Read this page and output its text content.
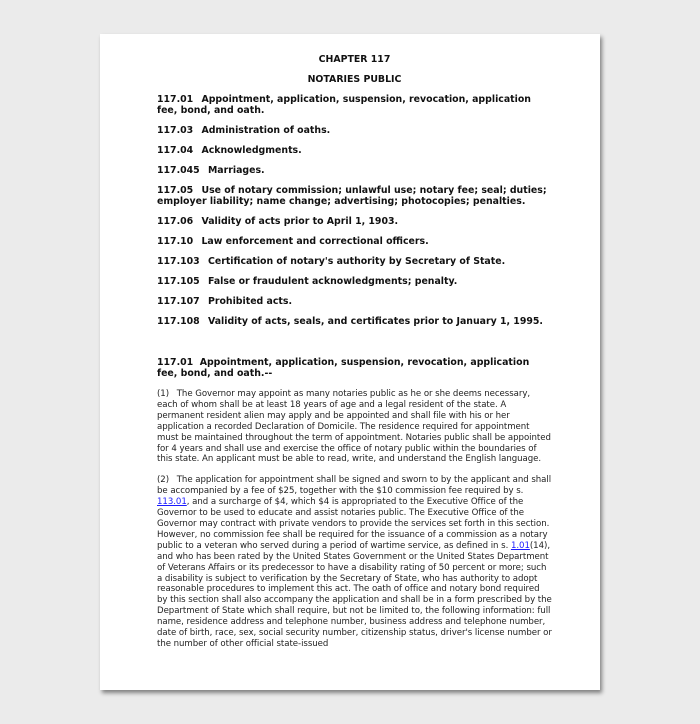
CHAPTER 117
NOTARIES PUBLIC
117.01 Appointment, application, suspension, revocation, application fee, bond, and oath.
117.03 Administration of oaths.
117.04 Acknowledgments.
117.045 Marriages.
117.05 Use of notary commission; unlawful use; notary fee; seal; duties; employer liability; name change; advertising; photocopies; penalties.
117.06 Validity of acts prior to April 1, 1903.
117.10 Law enforcement and correctional officers.
117.103 Certification of notary's authority by Secretary of State.
117.105 False or fraudulent acknowledgments; penalty.
117.107 Prohibited acts.
117.108 Validity of acts, seals, and certificates prior to January 1, 1995.
117.01 Appointment, application, suspension, revocation, application fee, bond, and oath.--

(1) The Governor may appoint as many notaries public as he or she deems necessary, each of whom shall be at least 18 years of age and a legal resident of the state. A permanent resident alien may apply and be appointed and shall file with his or her application a recorded Declaration of Domicile. The residence required for appointment must be maintained throughout the term of appointment. Notaries public shall be appointed for 4 years and shall use and exercise the office of notary public within the boundaries of this state. An applicant must be able to read, write, and understand the English language.

(2) The application for appointment shall be signed and sworn to by the applicant and shall be accompanied by a fee of $25, together with the $10 commission fee required by s. 113.01, and a surcharge of $4, which $4 is appropriated to the Executive Office of the Governor to be used to educate and assist notaries public. The Executive Office of the Governor may contract with private vendors to provide the services set forth in this section. However, no commission fee shall be required for the issuance of a commission as a notary public to a veteran who served during a period of wartime service, as defined in s. 1.01(14), and who has been rated by the United States Government or the United States Department of Veterans Affairs or its predecessor to have a disability rating of 50 percent or more; such a disability is subject to verification by the Secretary of State, who has authority to adopt reasonable procedures to implement this act. The oath of office and notary bond required by this section shall also accompany the application and shall be in a form prescribed by the Department of State which shall require, but not be limited to, the following information: full name, residence address and telephone number, business address and telephone number, date of birth, race, sex, social security number, citizenship status, driver's license number or the number of other official state-issued
